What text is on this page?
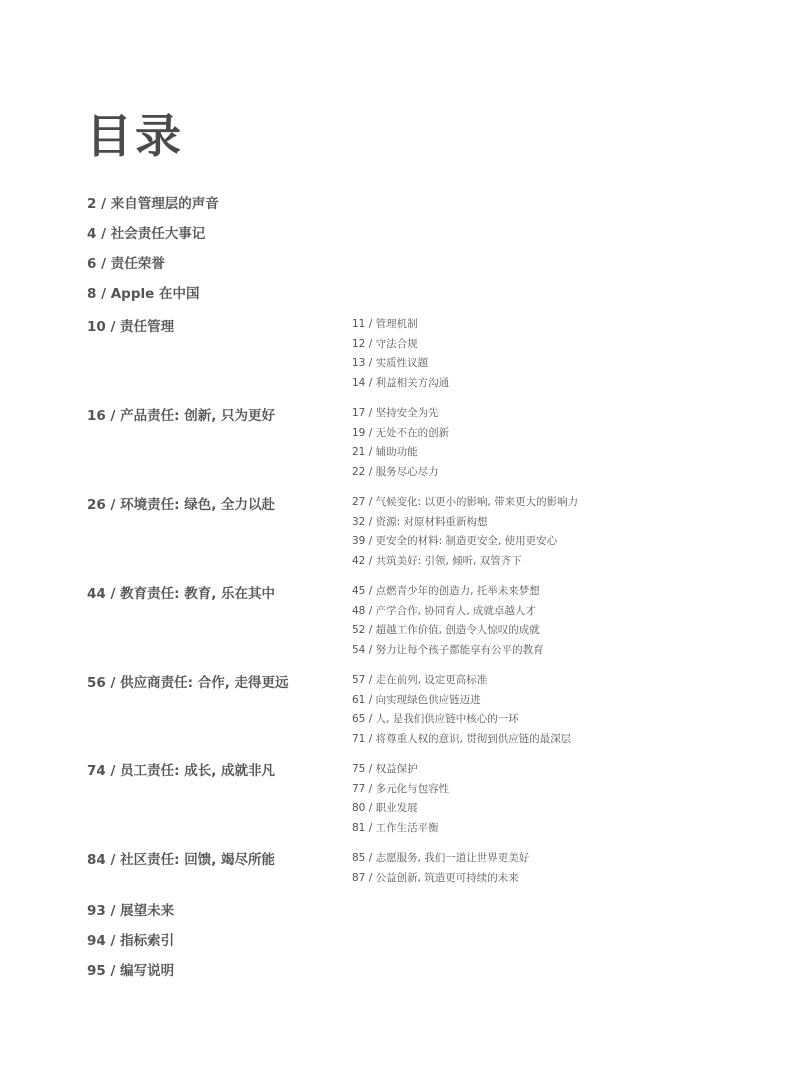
目录
2 / 来自管理层的声音
4 / 社会责任大事记
6 / 责任荣誉
8 / Apple 在中国
10 / 责任管理	11 / 管理机制
12 / 守法合规
13 / 实质性议题
14 / 利益相关方沟通
16 / 产品责任: 创新, 只为更好	17 / 坚持安全为先
19 / 无处不在的创新
21 / 辅助功能
22 / 服务尽心尽力
26 / 环境责任: 绿色, 全力以赴	27 / 气候变化: 以更小的影响, 带来更大的影响力
32 / 资源: 对原材料重新构想
39 / 更安全的材料: 制造更安全, 使用更安心
42 / 共筑美好: 引领, 倾听, 双管齐下
44 / 教育责任: 教育, 乐在其中	45 / 点燃青少年的创造力, 托举未来梦想
48 / 产学合作, 协同育人, 成就卓越人才
52 / 超越工作价值, 创造令人惊叹的成就
54 / 努力让每个孩子都能享有公平的教育
56 / 供应商责任: 合作, 走得更远	57 / 走在前列, 设定更高标准
61 / 向实现绿色供应链迈进
65 / 人, 是我们供应链中核心的一环
71 / 将尊重人权的意识, 贯彻到供应链的最深层
74 / 员工责任: 成长, 成就非凡	75 / 权益保护
77 / 多元化与包容性
80 / 职业发展
81 / 工作生活平衡
84 / 社区责任: 回馈, 竭尽所能	85 / 志愿服务, 我们一道让世界更美好
87 / 公益创新, 筑造更可持续的未来
93 / 展望未来
94 / 指标索引
95 / 编写说明
